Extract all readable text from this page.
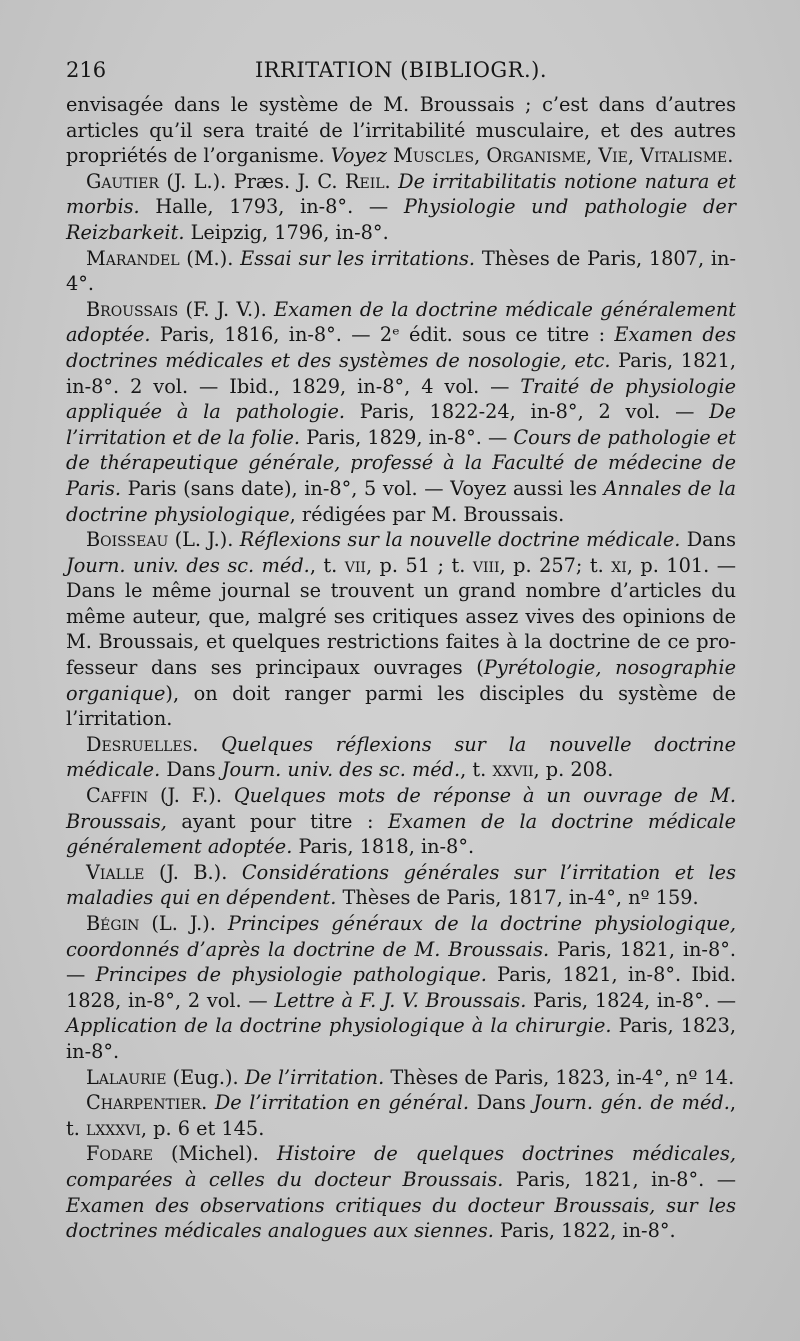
216	IRRITATION (BIBLIOGR.).

envisagée dans le système de M. Broussais ; c’est dans d’autres articles qu’il sera traité de l’irritabilité musculaire, et des autres propriétés de l’organisme. Voyez Muscles, Organisme, Vie, Vitalisme.

Gautier (J. L.). Præs. J. C. Reil. De irritabilitatis notione natura et morbis. Halle, 1793, in-8°. — Physiologie und pathologie der Reizbarkeit. Leipzig, 1796, in-8°.

Marandel (M.). Essai sur les irritations. Thèses de Paris, 1807, in-4°.

Broussais (F. J. V.). Examen de la doctrine médicale généralement adoptée. Paris, 1816, in-8°. — 2ᵉ édit. sous ce titre : Examen des doctrines médicales et des systèmes de nosologie, etc. Paris, 1821, in-8°. 2 vol. — Ibid., 1829, in-8°, 4 vol. — Traité de physiologie appliquée à la pathologie. Paris, 1822-24, in-8°, 2 vol. — De l’irritation et de la folie. Paris, 1829, in-8°. — Cours de pathologie et de thérapeutique générale, professé à la Faculté de médecine de Paris. Paris (sans date), in-8°, 5 vol. — Voyez aussi les Annales de la doctrine physiologique, rédigées par M. Broussais.

Boisseau (L. J.). Réflexions sur la nouvelle doctrine médicale. Dans Journ. univ. des sc. méd., t. vii, p. 51 ; t. viii, p. 257; t. xi, p. 101. — Dans le même journal se trouvent un grand nombre d’articles du même auteur, que, malgré ses critiques assez vives des opinions de M. Broussais, et quelques restrictions faites à la doctrine de ce professeur dans ses principaux ouvrages (Pyrétologie, nosographie organique), on doit ranger parmi les disciples du système de l’irritation.

Desruelles. Quelques réflexions sur la nouvelle doctrine médicale. Dans Journ. univ. des sc. méd., t. xxvii, p. 208.

Caffin (J. F.). Quelques mots de réponse à un ouvrage de M. Broussais, ayant pour titre : Examen de la doctrine médicale généralement adoptée. Paris, 1818, in-8°.

Vialle (J. B.). Considérations générales sur l’irritation et les maladies qui en dépendent. Thèses de Paris, 1817, in-4°, nº 159.

Bégin (L. J.). Principes généraux de la doctrine physiologique, coordonnés d’après la doctrine de M. Broussais. Paris, 1821, in-8°. — Principes de physiologie pathologique. Paris, 1821, in-8°. Ibid. 1828, in-8°, 2 vol. — Lettre à F. J. V. Broussais. Paris, 1824, in-8°. — Application de la doctrine physiologique à la chirurgie. Paris, 1823, in-8°.

Lalaurie (Eug.). De l’irritation. Thèses de Paris, 1823, in-4°, nº 14.

Charpentier. De l’irritation en général. Dans Journ. gén. de méd., t. lxxxvi, p. 6 et 145.

Fodare (Michel). Histoire de quelques doctrines médicales, comparées à celles du docteur Broussais. Paris, 1821, in-8°. — Examen des observations critiques du docteur Broussais, sur les doctrines médicales analogues aux siennes. Paris, 1822, in-8°.
